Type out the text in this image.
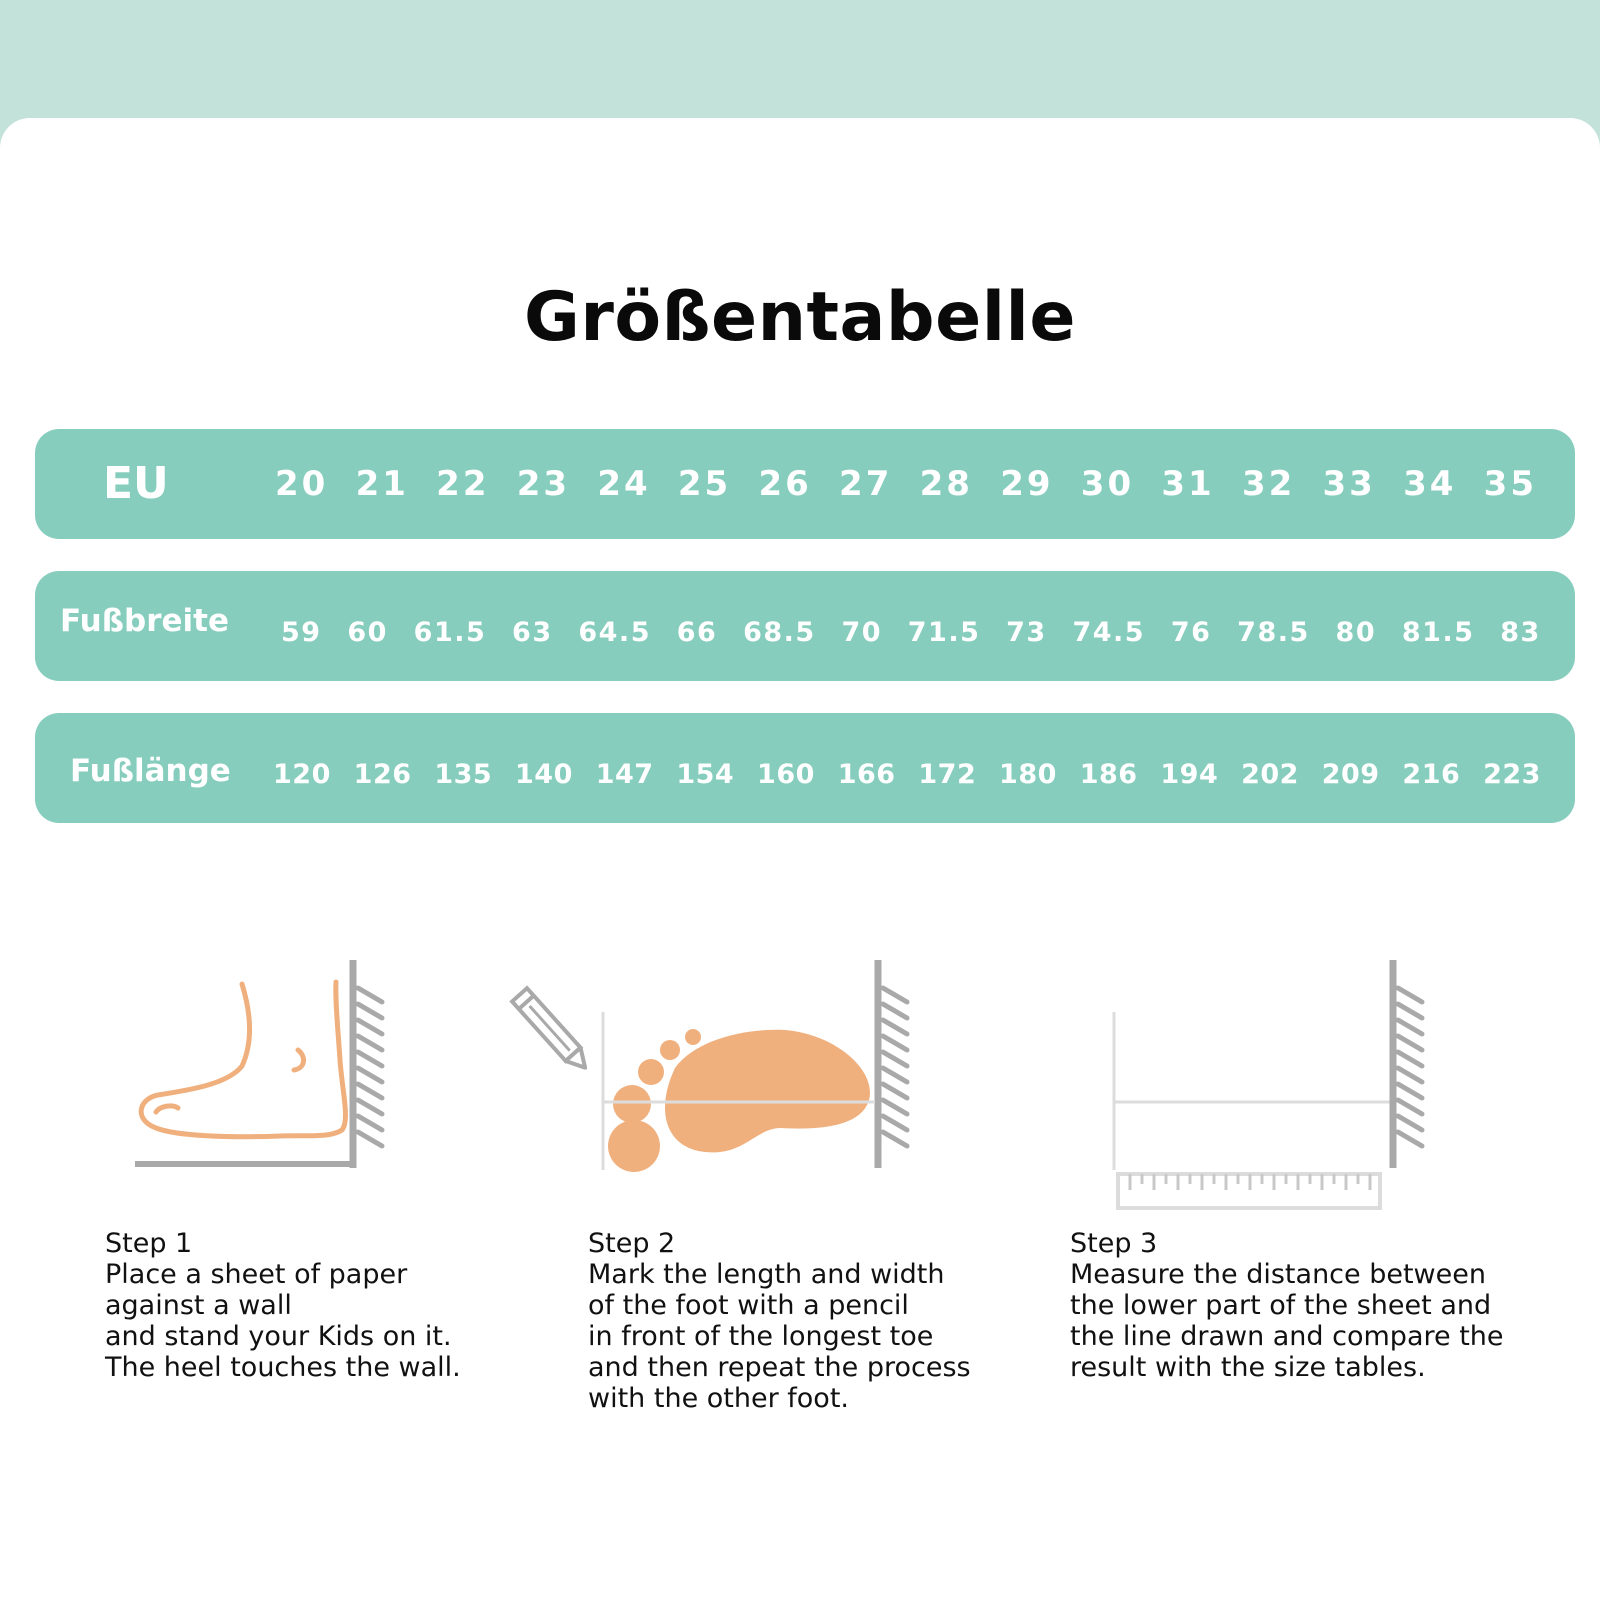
Größentabelle
EU	20 21 22 23 24 25 26 27 28 29 30 31 32 33 34 35
Fußbreite 59 60 61.5 63 64.5 66 68.5 70 71.5 73 74.5 76 78.5 80 81.5 83
Fußlänge 120 126 135 140 147 154 160 166 172 180 186 194 202 209 216 223
Step 1
Place a sheet of paper
against a wall
and stand your Kids on it.
The heel touches the wall.
Step 2
Mark the length and width
of the foot with a pencil
in front of the longest toe
and then repeat the process
with the other foot.
Step 3
Measure the distance between
the lower part of the sheet and
the line drawn and compare the
result with the size tables.
